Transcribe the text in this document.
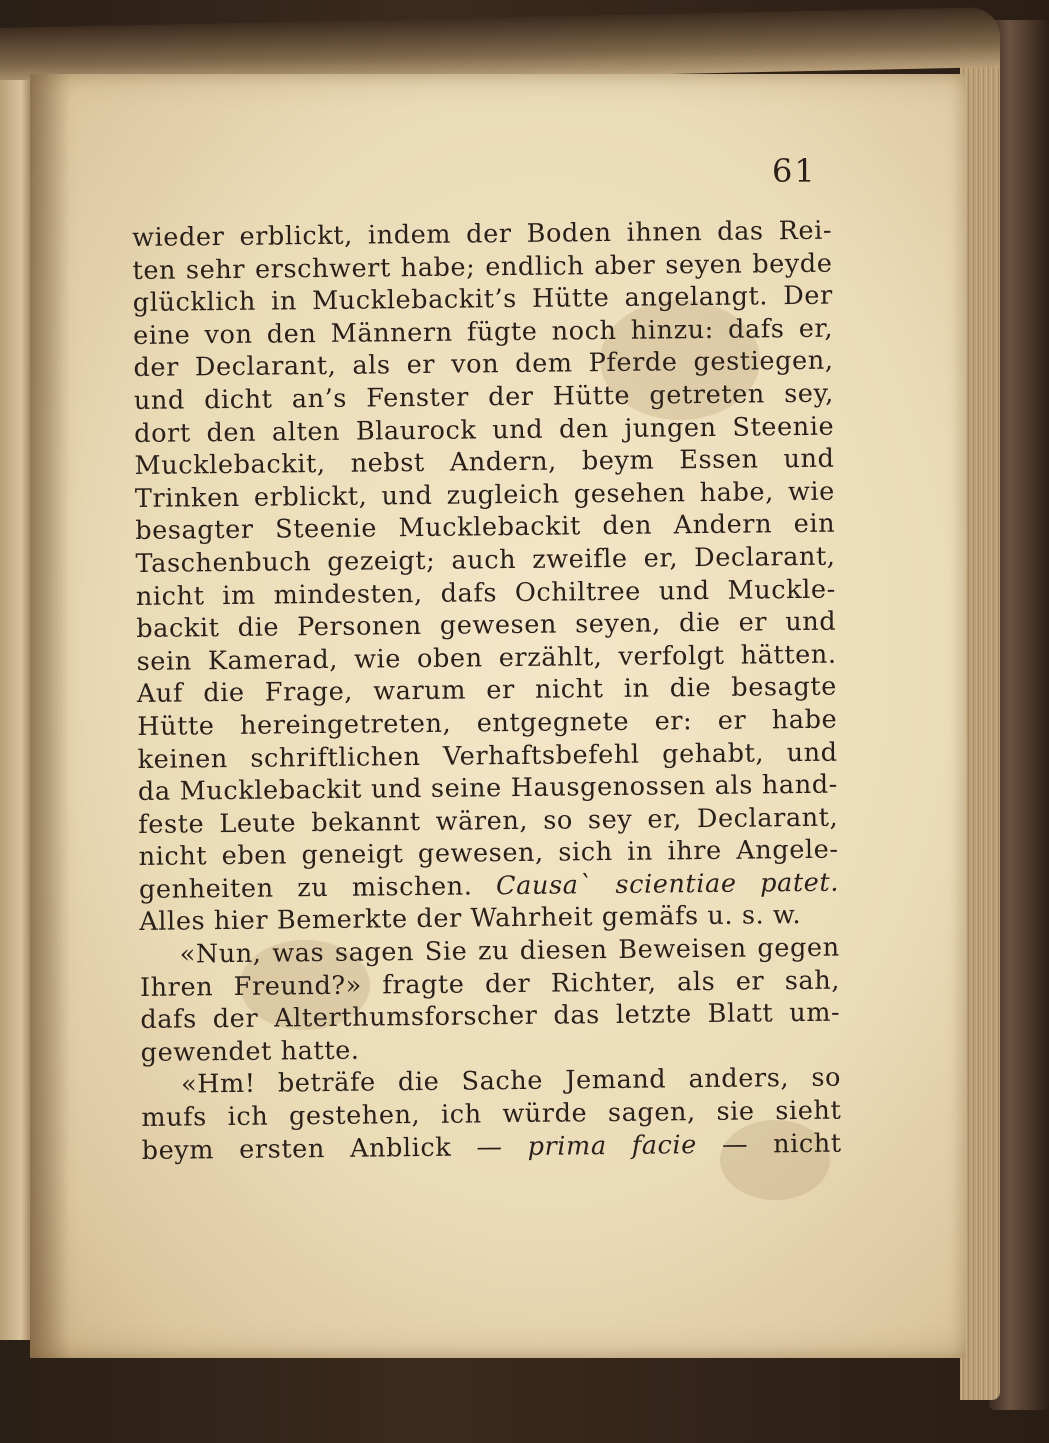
61
wieder erblickt, indem der Boden ihnen das Rei-
ten sehr erschwert habe; endlich aber seyen beyde
glücklich in Mucklebackit’s Hütte angelangt. Der
eine von den Männern fügte noch hinzu: dafs er,
der Declarant, als er von dem Pferde gestiegen,
und dicht an’s Fenster der Hütte getreten sey,
dort den alten Blaurock und den jungen Steenie
Mucklebackit, nebst Andern, beym Essen und
Trinken erblickt, und zugleich gesehen habe, wie
besagter Steenie Mucklebackit den Andern ein
Taschenbuch gezeigt; auch zweifle er, Declarant,
nicht im mindesten, dafs Ochiltree und Muckle-
backit die Personen gewesen seyen, die er und
sein Kamerad, wie oben erzählt, verfolgt hätten.
Auf die Frage, warum er nicht in die besagte
Hütte hereingetreten, entgegnete er: er habe
keinen schriftlichen Verhaftsbefehl gehabt, und
da Mucklebackit und seine Hausgenossen als hand-
feste Leute bekannt wären, so sey er, Declarant,
nicht eben geneigt gewesen, sich in ihre Angele-
genheiten zu mischen. Causa` scientiae patet.
Alles hier Bemerkte der Wahrheit gemäfs u. s. w.
«Nun, was sagen Sie zu diesen Beweisen gegen
Ihren Freund?» fragte der Richter, als er sah,
dafs der Alterthumsforscher das letzte Blatt um-
gewendet hatte.
«Hm! beträfe die Sache Jemand anders, so
mufs ich gestehen, ich würde sagen, sie sieht
beym ersten Anblick — prima facie — nicht
